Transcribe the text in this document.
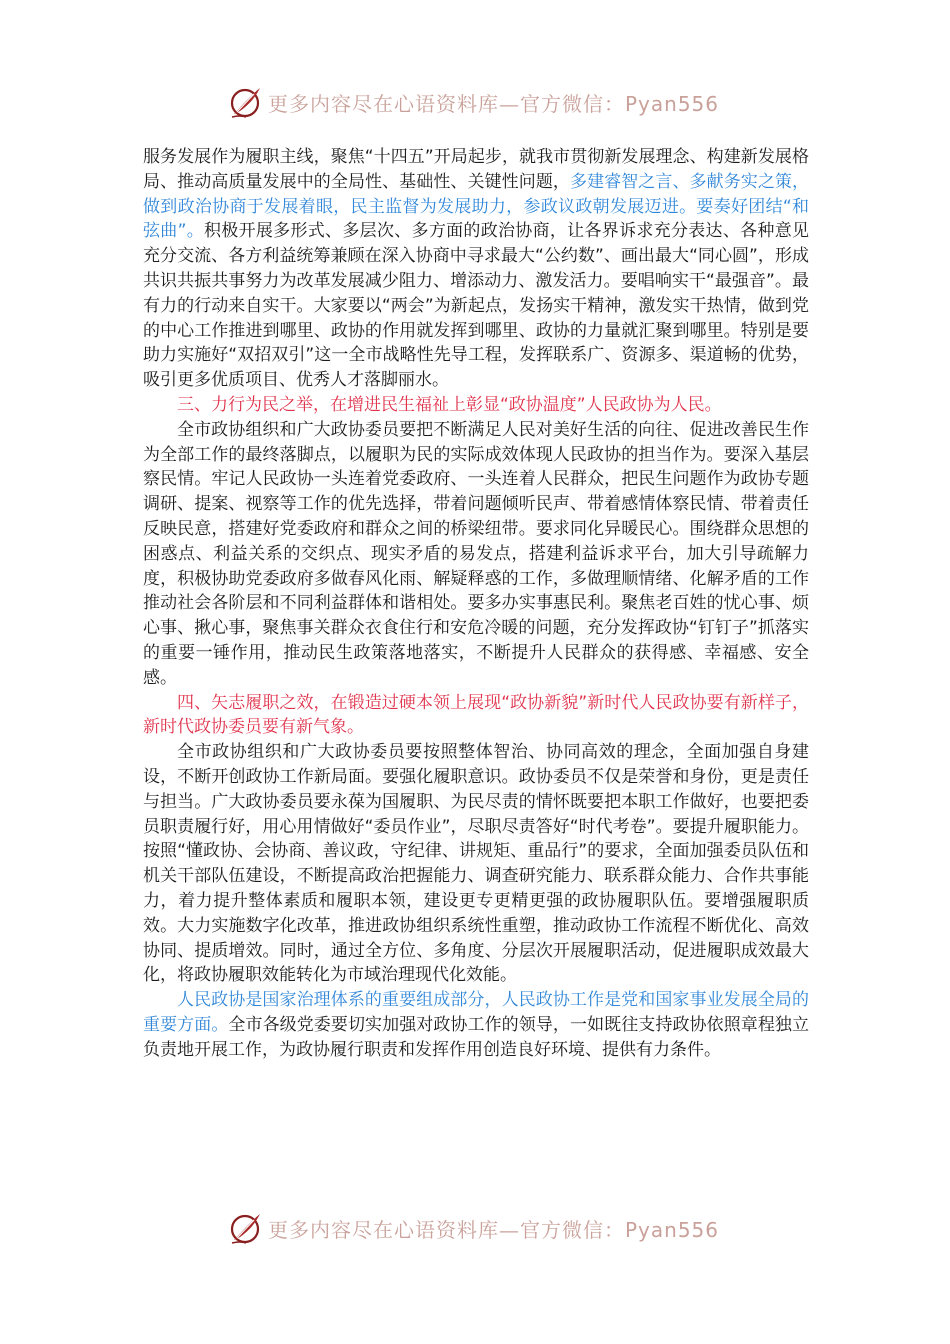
更多内容尽在心语资料库—官方微信：Pyan556

服务发展作为履职主线，聚焦“十四五”开局起步，就我市贯彻新发展理念、构建新发展格局、推动高质量发展中的全局性、基础性、关键性问题，多建睿智之言、多献务实之策，做到政治协商于发展着眼，民主监督为发展助力，参政议政朝发展迈进。要奏好团结“和弦曲”。积极开展多形式、多层次、多方面的政治协商，让各界诉求充分表达、各种意见充分交流、各方利益统筹兼顾在深入协商中寻求最大“公约数”、画出最大“同心圆”，形成共识共振共事努力为改革发展减少阻力、增添动力、激发活力。要唱响实干“最强音”。最有力的行动来自实干。大家要以“两会”为新起点，发扬实干精神，激发实干热情，做到党的中心工作推进到哪里、政协的作用就发挥到哪里、政协的力量就汇聚到哪里。特别是要助力实施好“双招双引”这一全市战略性先导工程，发挥联系广、资源多、渠道畅的优势，吸引更多优质项目、优秀人才落脚丽水。

三、力行为民之举，在增进民生福祉上彰显“政协温度”人民政协为人民。

全市政协组织和广大政协委员要把不断满足人民对美好生活的向往、促进改善民生作为全部工作的最终落脚点，以履职为民的实际成效体现人民政协的担当作为。要深入基层察民情。牢记人民政协一头连着党委政府、一头连着人民群众，把民生问题作为政协专题调研、提案、视察等工作的优先选择，带着问题倾听民声、带着感情体察民情、带着责任反映民意，搭建好党委政府和群众之间的桥梁纽带。要求同化异暖民心。围绕群众思想的困惑点、利益关系的交织点、现实矛盾的易发点，搭建利益诉求平台，加大引导疏解力度，积极协助党委政府多做春风化雨、解疑释惑的工作，多做理顺情绪、化解矛盾的工作推动社会各阶层和不同利益群体和谐相处。要多办实事惠民利。聚焦老百姓的忧心事、烦心事、揪心事，聚焦事关群众衣食住行和安危冷暖的问题，充分发挥政协“钉钉子”抓落实的重要一锤作用，推动民生政策落地落实，不断提升人民群众的获得感、幸福感、安全感。

四、矢志履职之效，在锻造过硬本领上展现“政协新貌”新时代人民政协要有新样子，新时代政协委员要有新气象。

全市政协组织和广大政协委员要按照整体智治、协同高效的理念，全面加强自身建设，不断开创政协工作新局面。要强化履职意识。政协委员不仅是荣誉和身份，更是责任与担当。广大政协委员要永葆为国履职、为民尽责的情怀既要把本职工作做好，也要把委员职责履行好，用心用情做好“委员作业”，尽职尽责答好“时代考卷”。要提升履职能力。按照“懂政协、会协商、善议政，守纪律、讲规矩、重品行”的要求，全面加强委员队伍和机关干部队伍建设，不断提高政治把握能力、调查研究能力、联系群众能力、合作共事能力，着力提升整体素质和履职本领，建设更专更精更强的政协履职队伍。要增强履职质效。大力实施数字化改革，推进政协组织系统性重塑，推动政协工作流程不断优化、高效协同、提质增效。同时，通过全方位、多角度、分层次开展履职活动，促进履职成效最大化，将政协履职效能转化为市域治理现代化效能。

人民政协是国家治理体系的重要组成部分，人民政协工作是党和国家事业发展全局的重要方面。全市各级党委要切实加强对政协工作的领导，一如既往支持政协依照章程独立负责地开展工作，为政协履行职责和发挥作用创造良好环境、提供有力条件。

更多内容尽在心语资料库—官方微信：Pyan556
